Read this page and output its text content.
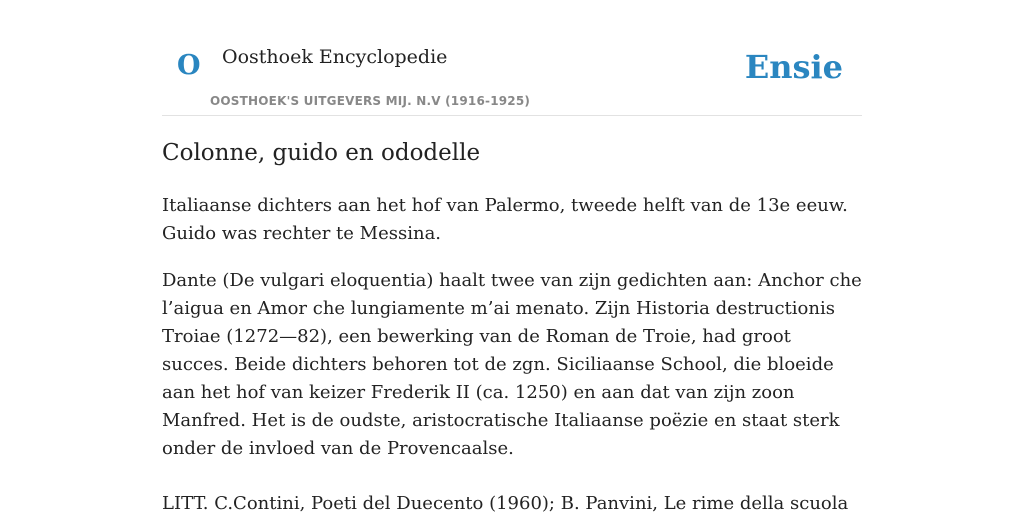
O Oosthoek Encyclopedie
OOSTHOEK'S UITGEVERS MIJ. N.V (1916-1925)
Ensie
Colonne, guido en ododelle

Italiaanse dichters aan het hof van Palermo, tweede helft van de 13e eeuw. Guido was rechter te Messina.

Dante (De vulgari eloquentia) haalt twee van zijn gedichten aan: Anchor che l’aigua en Amor che lungiamente m’ai menato. Zijn Historia destructionis Troiae (1272—82), een bewerking van de Roman de Troie, had groot succes. Beide dichters behoren tot de zgn. Siciliaanse School, die bloeide aan het hof van keizer Frederik II (ca. 1250) en aan dat van zijn zoon Manfred. Het is de oudste, aristocratische Italiaanse poëzie en staat sterk onder de invloed van de Provencaalse.

LITT. C.Contini, Poeti del Duecento (1960); B. Panvini, Le rime della scuola
